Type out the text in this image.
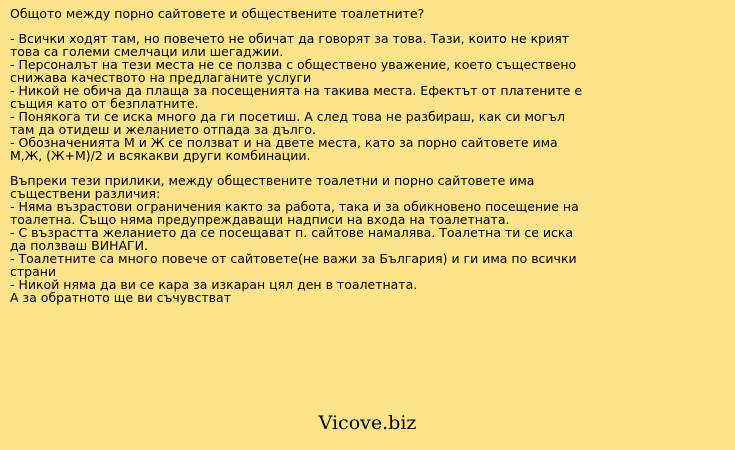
Общото между порно сайтовете и обществените тоалетните?
- Всички ходят там, но повечето не обичат да говорят за това. Тази, които не крият
това са големи смелчаци или шегаджии.
- Персоналът на тези места не се ползва с обществено уважение, което съществено
снижава качеството на предлаганите услуги
- Никой не обича да плаща за посещенията на такива места. Ефектът от платените е
същия като от безплатните.
- Понякога ти се иска много да ги посетиш. А след това не разбираш, как си могъл
там да отидеш и желанието отпада за дълго.
- Обозначенията М и Ж се ползват и на двете места, като за порно сайтовете има
М,Ж, (Ж+М)/2 и всякакви други комбинации.
Въпреки тези прилики, между обществените тоалетни и порно сайтовете има
съществени различия:
- Няма възрастови ограничения както за работа, така и за обикновено посещение на
тоалетна. Също няма предупреждаващи надписи на входа на тоалетната.
- С възрастта желанието да се посещават п. сайтове намалява. Тоалетна ти се иска
да ползваш ВИНАГИ.
- Тоалетните са много повече от сайтовете(не важи за България) и ги има по всички
страни
- Никой няма да ви се кара за изкаран цял ден в тоалетната.
А за обратното ще ви съчувстват
Vicove.biz
